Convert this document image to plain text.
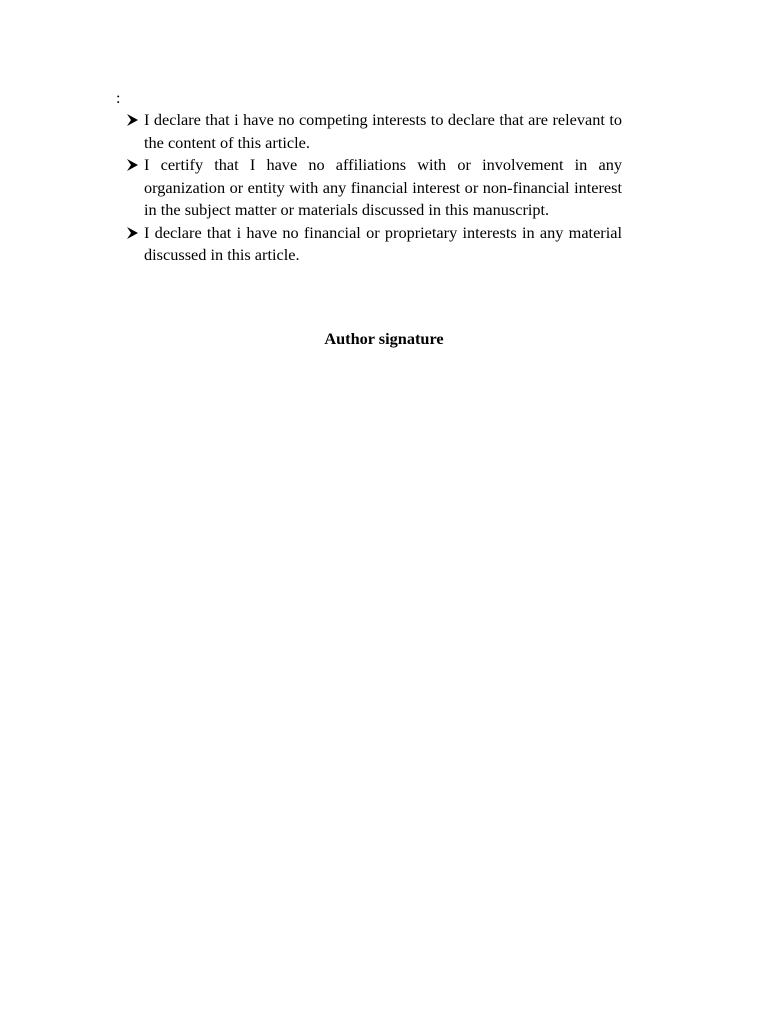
:
I declare that i have no competing interests to declare that are relevant to the content of this article.
I certify that I have no affiliations with or involvement in any organization or entity with any financial interest or non-financial interest in the subject matter or materials discussed in this manuscript.
I declare that i have no financial or proprietary interests in any material discussed in this article.
Author signature
